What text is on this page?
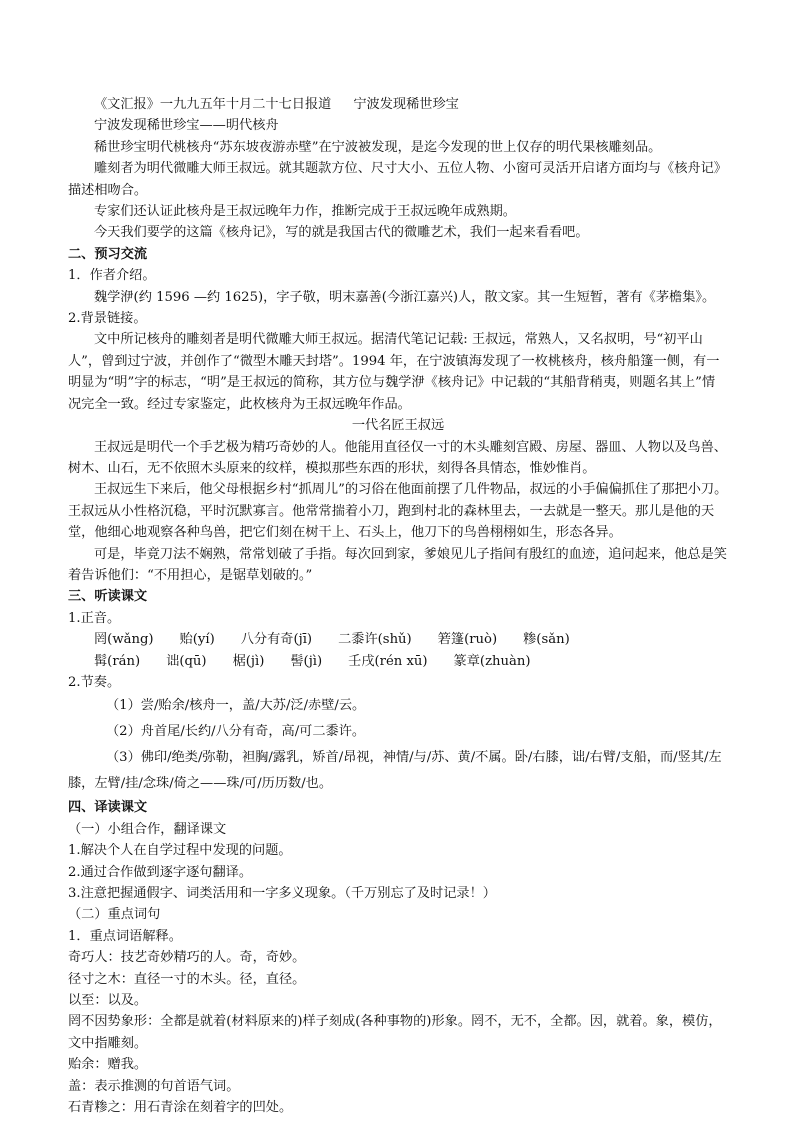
《文汇报》一九九五年十月二十七日报道 宁波发现稀世珍宝

宁波发现稀世珍宝——明代核舟

稀世珍宝明代桃核舟“苏东坡夜游赤壁”在宁波被发现，是迄今发现的世上仅存的明代果核雕刻品。

雕刻者为明代微雕大师王叔远。就其题款方位、尺寸大小、五位人物、小窗可灵活开启诸方面均与《核舟记》描述相吻合。

专家们还认证此核舟是王叔远晚年力作，推断完成于王叔远晚年成熟期。

今天我们要学的这篇《核舟记》，写的就是我国古代的微雕艺术，我们一起来看看吧。

二、预习交流

1．作者介绍。

魏学洢(约 1596 —约 1625)，字子敬，明末嘉善(今浙江嘉兴)人，散文家。其一生短暂，著有《茅檐集》。

2.背景链接。

文中所记核舟的雕刻者是明代微雕大师王叔远。据清代笔记记载: 王叔远，常熟人，又名叔明，号“初平山人”，曾到过宁波，并创作了“微型木雕天封塔”。1994 年，在宁波镇海发现了一枚桃核舟，核舟船篷一侧，有一明显为“明”字的标志，“明”是王叔远的简称，其方位与魏学洢《核舟记》中记载的“其船背稍夷，则题名其上”情况完全一致。经过专家鉴定，此枚核舟为王叔远晚年作品。

一代名匠王叔远

王叔远是明代一个手艺极为精巧奇妙的人。他能用直径仅一寸的木头雕刻宫殿、房屋、器皿、人物以及鸟兽、树木、山石，无不依照木头原来的纹样，模拟那些东西的形状，刻得各具情态，惟妙惟肖。

王叔远生下来后，他父母根据乡村“抓周儿”的习俗在他面前摆了几件物品，叔远的小手偏偏抓住了那把小刀。王叔远从小性格沉稳，平时沉默寡言。他常常揣着小刀，跑到村北的森林里去，一去就是一整天。那儿是他的天堂，他细心地观察各种鸟兽，把它们刻在树干上、石头上，他刀下的鸟兽栩栩如生，形态各异。

可是，毕竟刀法不娴熟，常常划破了手指。每次回到家，爹娘见儿子指间有殷红的血迹，追问起来，他总是笑着告诉他们：“不用担心，是锯草划破的。”

三、听读课文

1.正音。

罔(wǎng) 贻(yí) 八分有奇(jī) 二黍许(shǔ) 箬篷(ruò) 糁(sǎn)

髯(rán) 诎(qū) 椐(jì) 髻(jì) 壬戌(rén xū) 篆章(zhuàn)

2.节奏。

（1）尝/贻余/核舟一，盖/大苏/泛/赤壁/云。

（2）舟首尾/长约/八分有奇，高/可二黍许。

（3）佛印/绝类/弥勒，袒胸/露乳，矫首/昂视，神情/与/苏、黄/不属。卧/右膝，诎/右臂/支船，而/竖其/左膝，左臂/挂/念珠/倚之——珠/可/历历数/也。

四、译读课文

（一）小组合作，翻译课文

1.解决个人在自学过程中发现的问题。

2.通过合作做到逐字逐句翻译。

3.注意把握通假字、词类活用和一字多义现象。（千万别忘了及时记录！）

（二）重点词句

1．重点词语解释。

奇巧人：技艺奇妙精巧的人。奇，奇妙。

径寸之木：直径一寸的木头。径，直径。

以至：以及。

罔不因势象形：全都是就着(材料原来的)样子刻成(各种事物的)形象。罔不，无不，全都。因，就着。象，模仿，文中指雕刻。

贻余：赠我。

盖：表示推测的句首语气词。

石青糁之：用石青涂在刻着字的凹处。
